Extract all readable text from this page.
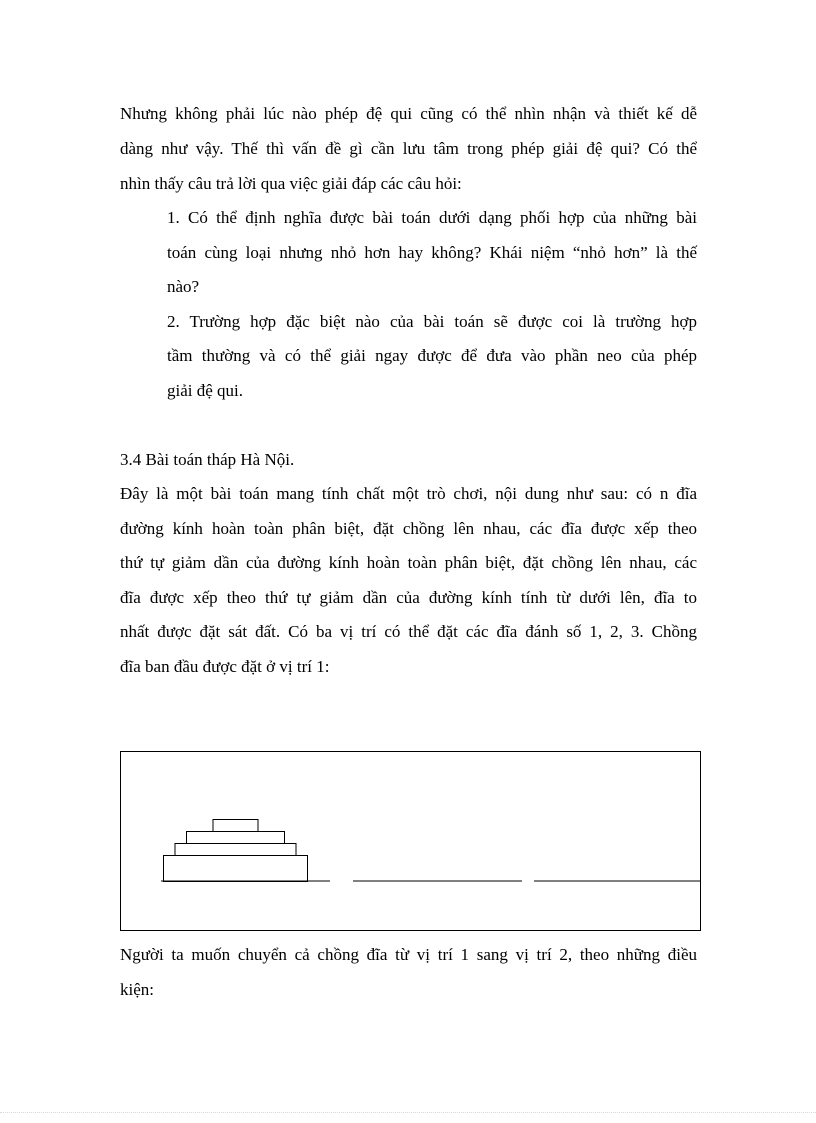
Nhưng không phải lúc nào phép đệ qui cũng có thể nhìn nhận và thiết kế dễ
dàng như vậy. Thế thì vấn đề gì cần lưu tâm trong phép giải đệ qui? Có thể
nhìn thấy câu trả lời qua việc giải đáp các câu hỏi:
1. Có thể định nghĩa được bài toán dưới dạng phối hợp của những bài
toán cùng loại nhưng nhỏ hơn hay không? Khái niệm “nhỏ hơn” là thế
nào?
2. Trường hợp đặc biệt nào của bài toán sẽ được coi là trường hợp
tầm thường và có thể giải ngay được để đưa vào phần neo của phép
giải đệ qui.
3.4 Bài toán tháp Hà Nội.
Đây là một bài toán mang tính chất một trò chơi, nội dung như sau: có n đĩa
đường kính hoàn toàn phân biệt, đặt chồng lên nhau, các đĩa được xếp theo
thứ tự giảm dần của đường kính hoàn toàn phân biệt, đặt chồng lên nhau, các
đĩa được xếp theo thứ tự giảm dần của đường kính tính từ dưới lên, đĩa to
nhất được đặt sát đất. Có ba vị trí có thể đặt các đĩa đánh số 1, 2, 3. Chồng
đĩa ban đầu được đặt ở vị trí 1:
Người ta muốn chuyển cả chồng đĩa từ vị trí 1 sang vị trí 2, theo những điều
kiện:
